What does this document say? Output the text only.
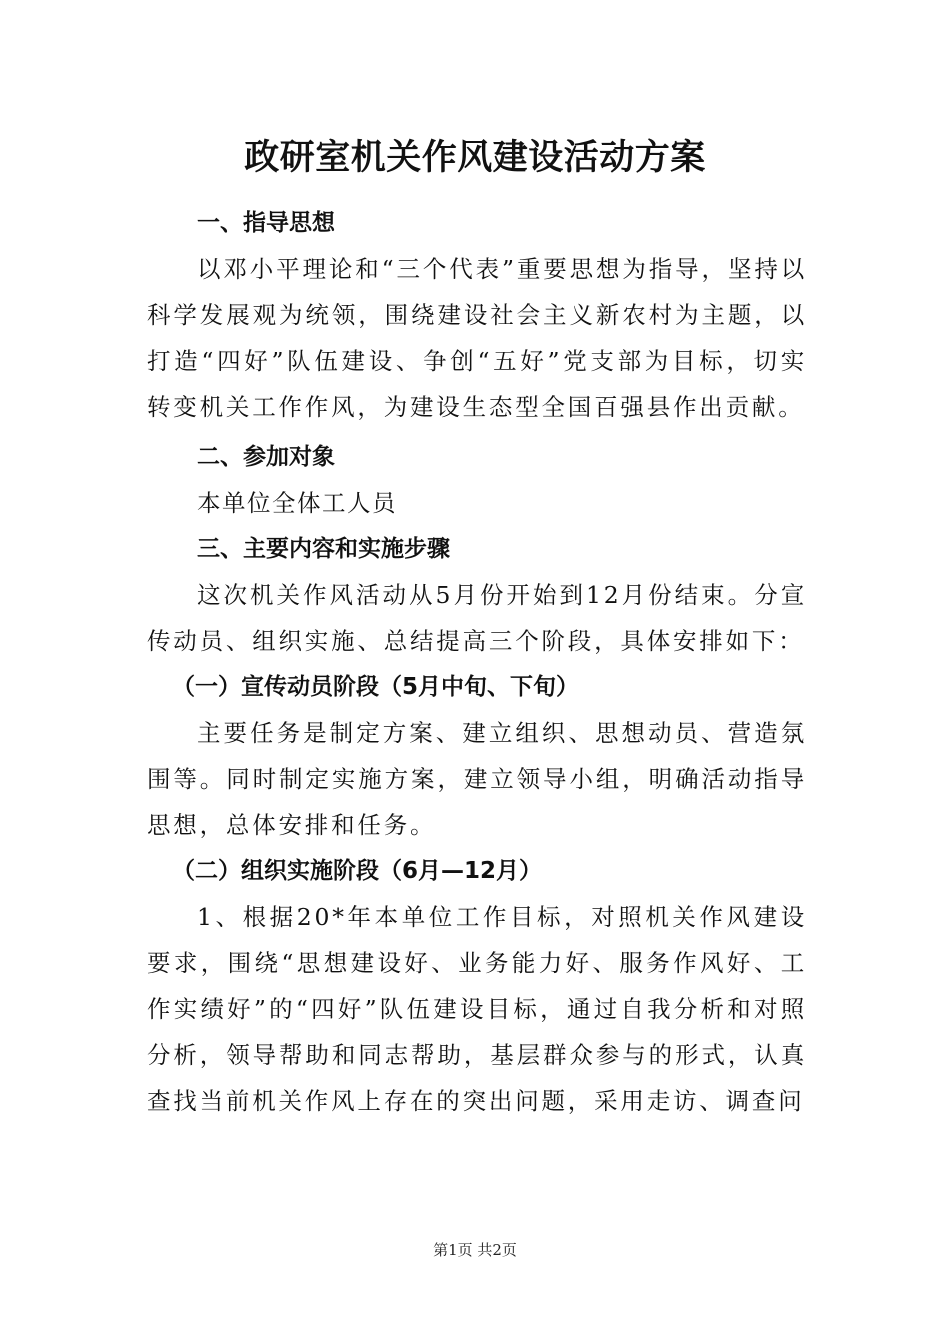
政研室机关作风建设活动方案
一、指导思想

以邓小平理论和“三个代表”重要思想为指导，坚持以科学发展观为统领，围绕建设社会主义新农村为主题，以打造“四好”队伍建设、争创“五好”党支部为目标，切实转变机关工作作风，为建设生态型全国百强县作出贡献。

二、参加对象

本单位全体工人员

三、主要内容和实施步骤

这次机关作风活动从5月份开始到12月份结束。分宣传动员、组织实施、总结提高三个阶段，具体安排如下：

（一）宣传动员阶段（5月中旬、下旬）

主要任务是制定方案、建立组织、思想动员、营造氛围等。同时制定实施方案，建立领导小组，明确活动指导思想，总体安排和任务。

（二）组织实施阶段（6月—12月）

1、根据20*年本单位工作目标，对照机关作风建设要求，围绕“思想建设好、业务能力好、服务作风好、工作实绩好”的“四好”队伍建设目标，通过自我分析和对照分析，领导帮助和同志帮助，基层群众参与的形式，认真查找当前机关作风上存在的突出问题，采用走访、调查问

第1页 共2页
